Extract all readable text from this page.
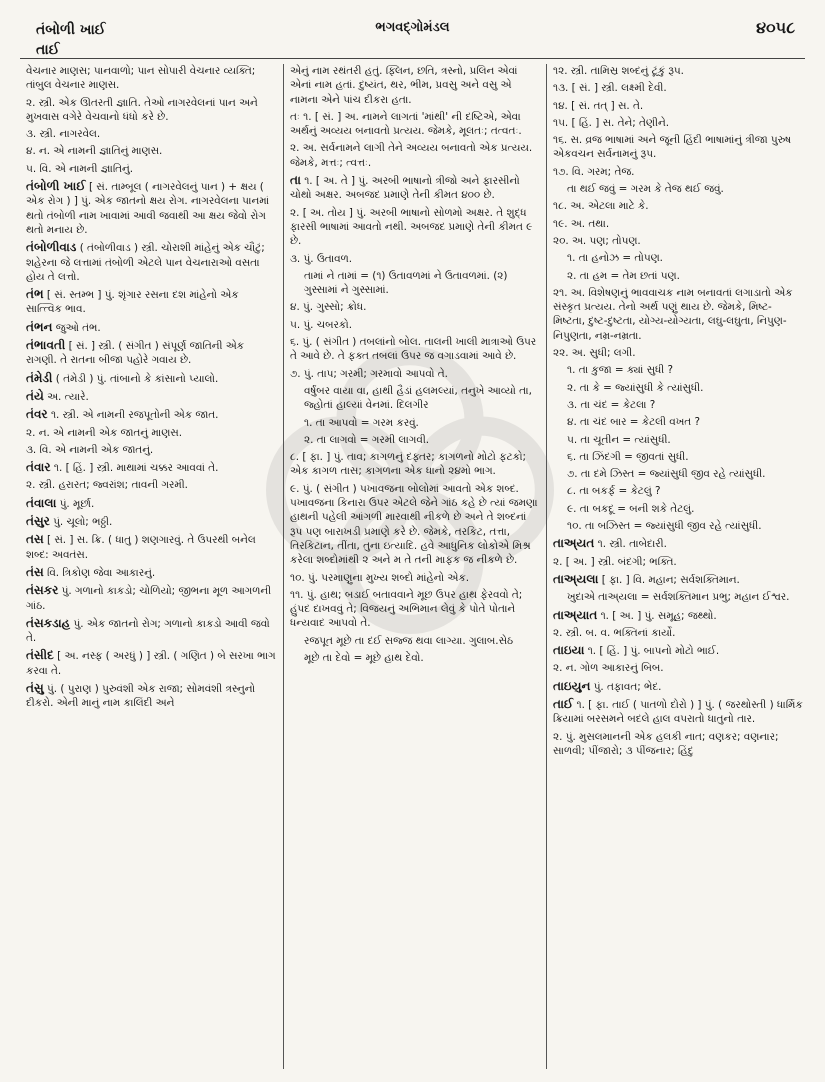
તંબોળી ખાઈ
તાઈ
ભગવદ્ગોમંડલ	૪૦૫૮

વેચનાર માણસ; પાનવાળો; પાન સોપારી વેચનાર વ્યક્તિ; તાંબુલ વેચનાર માણસ.

૨. સ્ત્રી. એક ઊતરતી જ્ઞાતિ. તેઓ નાગરવેલનાં પાન અને મુખવાસ વગેરે વેચવાનો ધંધો કરે છે.

૩. સ્ત્રી. નાગરવેલ.

૪. ન. એ નામની જ્ઞાતિનું માણસ.

૫. વિ. એ નામની જ્ઞાતિનું.

તંબોળી ખાઈ [ સં. તામ્બૂલ ( નાગરવેલનું પાન ) + ક્ષય ( એક રોગ ) ] પું. એક જાતનો ક્ષય રોગ. નાગરવેલના પાનમાં થતો તંબોળી નામ ખાવામાં આવી જવાથી આ ક્ષય જેવો રોગ થતો મનાય છે.

તંબોળીવાડ ( તંબોળીવાડ ) સ્ત્રી. ચોરાશી માંહેનું એક ચૌટું; શહેરના જે લત્તામાં તંબોળી એટલે પાન વેચનારાઓ વસતા હોય તે લત્તો.

તંભ [ સં. સ્તમ્ભ ] પું. શૃંગાર રસના દશ માંહેનો એક સાત્ત્વિક ભાવ.

તંભન જુઓ તંભ.

તંભાવતી [ સં. ] સ્ત્રી. ( સંગીત ) સંપૂર્ણ જાતિની એક રાગણી. તે રાતના બીજા પહોરે ગવાય છે.

તંમેડી ( તંમેડી ) પું. તાંબાનો કે કાંસાનો પ્યાલો.

તંયે અ. ત્યારે.

તંવર ૧. સ્ત્રી. એ નામની રજપૂતોની એક જાત.

૨. ન. એ નામની એક જાતનું માણસ.

૩. વિ. એ નામની એક જાતનું.

તંવાર ૧. [ હિં. ] સ્ત્રી. માથામાં ચક્કર આવવાં તે.

૨. સ્ત્રી. હરારત; જ્વરાંશ; તાવની ગરમી.

તંવાલા પું. મૂર્છા.

તંસુર પું. ચૂલો; ભઠ્ઠી.

તસ [ સં. ] સ. ક્રિ. ( ધાતુ ) શણગારવું. તે ઉપરથી બનેલ શબ્દ: અવતંસ.

તંસ વિ. ત્રિકોણ જેવા આકારનું.

તંસકર પું. ગળાનો કાકડો; ચોળિયો; જીભના મૂળ આગળની ગાંઠ.

તંસકડાહ પું. એક જાતનો રોગ; ગળાનો કાકડો આવી જવો તે.

તંસીદ [ અ. નસ્ફ ( અરધું ) ] સ્ત્રી. ( ગણિત ) બે સરખા ભાગ કરવા તે.

તંસુ પું. ( પુરાણ ) પુરુવંશી એક રાજા; સોમવંશી ત્રસ્નુનો દીકરો. એની માનું નામ કાલિંદી અને

એનું નામ રથંતરી હતું. ફ્લિન, છતિ, ત્રસ્નો, પ્રલિન એવાં એનાં નામ હતાં. દુષ્યંત, થર, ભીમ, પ્રવસુ અને વસુ એ નામના એને પાંચ દીકરા હતા.

તઃ ૧. [ સં. ] અ. નામને લાગતાં 'માંથી' ની દષ્ટિએ, એવા અર્થનું અવ્યય બનાવતો પ્રત્યય. જેમકે, મૂલતઃ; તત્વતઃ.

૨. અ. સર્વનામને લાગી તેને અવ્યય બનાવતો એક પ્રત્યય. જેમકે, મત્તઃ; ત્વત્તઃ.

તા ૧. [ અ. તે ] પું. અરબી ભાષાનો ત્રીજો અને ફારસીનો ચોથો અક્ષર. અબજદ પ્રમાણે તેની કીમત ૪૦૦ છે.

૨. [ અ. તોય ] પું. અરબી ભાષાનો સોળમો અક્ષર. તે શુદ્ધ ફારસી ભાષામાં આવતો નથી. અબજદ પ્રમાણે તેની કીમત ૯ છે.

૩. પું. ઉતાવળ.

તામાં ને તામાં = (૧) ઉતાવળમાં ને ઉતાવળમાં. (૨) ગુસ્સામાં ને ગુસ્સામાં.

૪. પું. ગુસ્સો; ક્રોધ.

૫. પું. ચબરકો.

૬. પું. ( સંગીત ) તબલાંનો બોલ. તાલની ખાલી માત્રાઓ ઉપર તે આવે છે. તે ફક્ત તબલાં ઉપર જ વગાડવામાં આવે છે.

૭. પું. તાપ; ગરમી; ગરમાવો આપવો તે.

વર્ષુંબર વાયા વા, હાથી હૈડાં હલમલ્યાં, તનુખે આવ્યો તા, જ્હોતાં હાલ્યાં વેનમાં. દિલગીર

૧. તા આપવો = ગરમ કરવું.

૨. તા લાગવો = ગરમી લાગવી.

૮. [ ફા. ] પું. તાવ; કાગળનું દફ્તર; કાગળનો મોટો ફટકો; એક કાગળ તાસ; કાગળના એક ધાનો ૨૪મો ભાગ.

૯. પું. ( સંગીત ) પખાવજના બોલોમાં આવતો એક શબ્દ. પખાવજના કિનારા ઉપર એટલે જેને ગાંઠ કહે છે ત્યાં જમણા હાથની પહેલી આંગળી મારવાથી નીકળે છે અને તે શબ્દનાં રૂપ પણ બારાખડી પ્રમાણે કરે છે. જેમકે, તરકિટ, તત્તા, તિરકિટાન, તીંતા, તુના ઇત્યાદિ. હવે આધુનિક લોકોએ મિશ્ર કરેલા શબ્દોમાંથી ૨ અને મ તે તની માફક જ નીકળે છે.

૧૦. પું. પરમાણુના મુખ્ય શબ્દો માંહેનો એક.

૧૧. પું. હાથ; બડાઈ બતાવવાને મૂછ ઉપર હાથ ફેરવવો તે; હુંપદ દાખવવું તે; વિજયનું અભિમાન લેવું કે પોતે પોતાને ધન્યવાદ આપવો તે.

રજપૂત મૂછે તા દઈ સજ્જ થવા લાગ્યા. ગુલાબ.સેઠ

મૂછે તા દેવો = મૂછે હાથ દેવો.

૧૨. સ્ત્રી. તામિસ્ર શબ્દનું ટૂંકું રૂપ.

૧૩. [ સં. ] સ્ત્રી. લક્ષ્મી દેવી.

૧૪. [ સં. તત્ ] સ. તે.

૧૫. [ હિં. ] સ. તેને; તેણીને.

૧૬. સ. વ્રજ ભાષામાં અને જૂની હિંદી ભાષામાંનું ત્રીજા પુરુષ એકવચન સર્વનામનું રૂપ.

૧૭. વિ. ગરમ; તેજ.

તા થઈ જવું = ગરમ કે તેજ થઈ જવું.

૧૮. અ. એટલા માટે કે.

૧૯. અ. તથા.

૨૦. અ. પણ; તોપણ.

૧. તા હનોઝ = તોપણ.

૨. તા હમ = તેમ છતાં પણ.

૨૧. અ. વિશેષણનું ભાવવાચક નામ બનાવતાં લગાડાતો એક સંસ્કૃત પ્રત્યય. તેનો અર્થ પણું થાય છે. જેમકે, મિષ્ટ-મિષ્ટતા, દુષ્ટ-દુષ્ટતા, યોગ્ય-યોગ્યતા, લઘુ-લઘુતા, નિપુણ-નિપુણતા, નમ્ર-નમ્રતા.

૨૨. અ. સુધી; લગી.

૧. તા કુજા = ક્યાં સુધી ?

૨. તા કે = જ્યાંસુધી કે ત્યાંસુધી.

૩. તા ચંદ = કેટલા ?

૪. તા ચંદ બાર = કેટલી વખત ?

૫. તા ચૂતીન = ત્યાંસુધી.

૬. તા ઝિંદગી = જીવતાં સુધી.

૭. તા દમે ઝિસ્ત = જ્યાંસુધી જીવ રહે ત્યાંસુધી.

૮. તા બકર્ફ = કેટલું ?

૯. તા બકદૂ = બની શકે તેટલું.

૧૦. તા બઝિસ્ત = જ્યાંસુધી જીવ રહે ત્યાંસુધી.

તાઅ્યત ૧. સ્ત્રી. તાબેદારી.

૨. [ અ. ] સ્ત્રી. બંદગી; ભક્તિ.

તાઅ્યલા [ ફા. ] વિ. મહાન; સર્વશક્તિમાન.

ખુદાએ તાઅ્યલા = સર્વશક્તિમાન પ્રભુ; મહાન ઈશ્વર.

તાઅ્યાત ૧. [ અ. ] પું. સમૂહ; જથ્થો.

૨. સ્ત્રી. બ. વ. ભક્તિનાં કાર્યો.

તાઇયા ૧. [ હિં. ] પું. બાપનો મોટો ભાઈ.

૨. ન. ગોળ આકારનું બિબ.

તાઇયુન પું. તફાવત; ભેદ.

તાઈ ૧. [ ફા. તાઈ ( પાતળો દોરો ) ] પું. ( જરથોસ્તી ) ધાર્મિક ક્રિયામાં બરસમને બદલે હાલ વપરાતો ધાતુનો તાર.

૨. પું. મુસલમાનની એક હલકી નાત; વણકર; વણનાર; સાળવી; પીંજારો; ૩ પીંજનાર; હિંદુ
